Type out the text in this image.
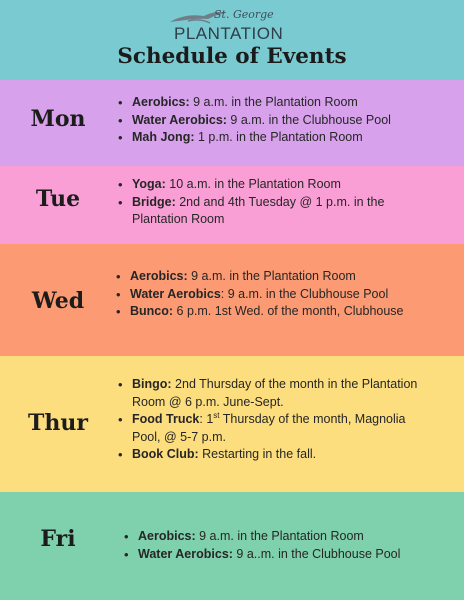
St. George
PLANTATION
Schedule of Events
Mon
• Aerobics: 9 a.m. in the Plantation Room
• Water Aerobics: 9 a.m. in the Clubhouse Pool
• Mah Jong: 1 p.m. in the Plantation Room
Tue
• Yoga: 10 a.m. in the Plantation Room
• Bridge: 2nd and 4th Tuesday @ 1 p.m. in the Plantation Room
Wed
• Aerobics: 9 a.m. in the Plantation Room
• Water Aerobics: 9 a.m. in the Clubhouse Pool
• Bunco: 6 p.m. 1st Wed. of the month, Clubhouse
Thur
• Bingo: 2nd Thursday of the month in the Plantation Room @ 6 p.m. June-Sept.
• Food Truck: 1st Thursday of the month, Magnolia Pool, @ 5-7 p.m.
• Book Club: Restarting in the fall.
Fri
•	Aerobics: 9 a.m. in the Plantation Room
• Water Aerobics: 9 a..m. in the Clubhouse Pool
